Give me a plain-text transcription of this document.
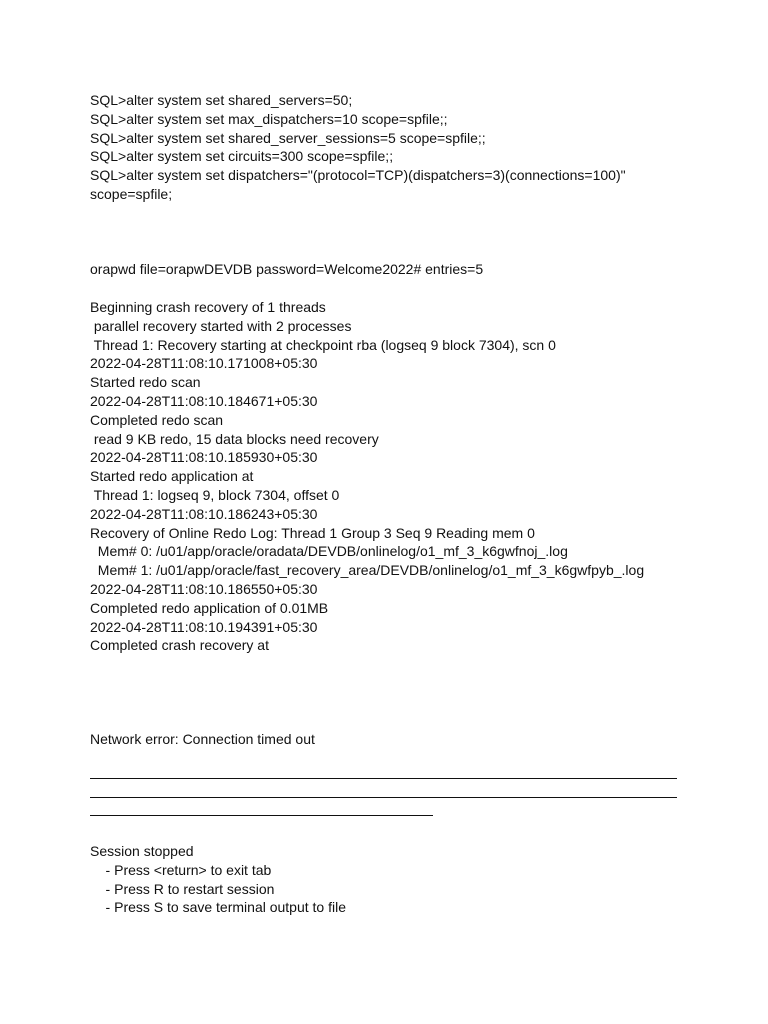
SQL>alter system set shared_servers=50;
SQL>alter system set max_dispatchers=10 scope=spfile;;
SQL>alter system set shared_server_sessions=5 scope=spfile;;
SQL>alter system set circuits=300 scope=spfile;;
SQL>alter system set dispatchers="(protocol=TCP)(dispatchers=3)(connections=100)"
scope=spfile;
orapwd file=orapwDEVDB password=Welcome2022# entries=5
Beginning crash recovery of 1 threads
parallel recovery started with 2 processes
Thread 1: Recovery starting at checkpoint rba (logseq 9 block 7304), scn 0
2022-04-28T11:08:10.171008+05:30
Started redo scan
2022-04-28T11:08:10.184671+05:30
Completed redo scan
read 9 KB redo, 15 data blocks need recovery
2022-04-28T11:08:10.185930+05:30
Started redo application at
Thread 1: logseq 9, block 7304, offset 0
2022-04-28T11:08:10.186243+05:30
Recovery of Online Redo Log: Thread 1 Group 3 Seq 9 Reading mem 0
Mem# 0: /u01/app/oracle/oradata/DEVDB/onlinelog/o1_mf_3_k6gwfnoj_.log
Mem# 1: /u01/app/oracle/fast_recovery_area/DEVDB/onlinelog/o1_mf_3_k6gwfpyb_.log
2022-04-28T11:08:10.186550+05:30
Completed redo application of 0.01MB
2022-04-28T11:08:10.194391+05:30
Completed crash recovery at
Network error: Connection timed out
Session stopped
- Press <return> to exit tab
- Press R to restart session
- Press S to save terminal output to file
